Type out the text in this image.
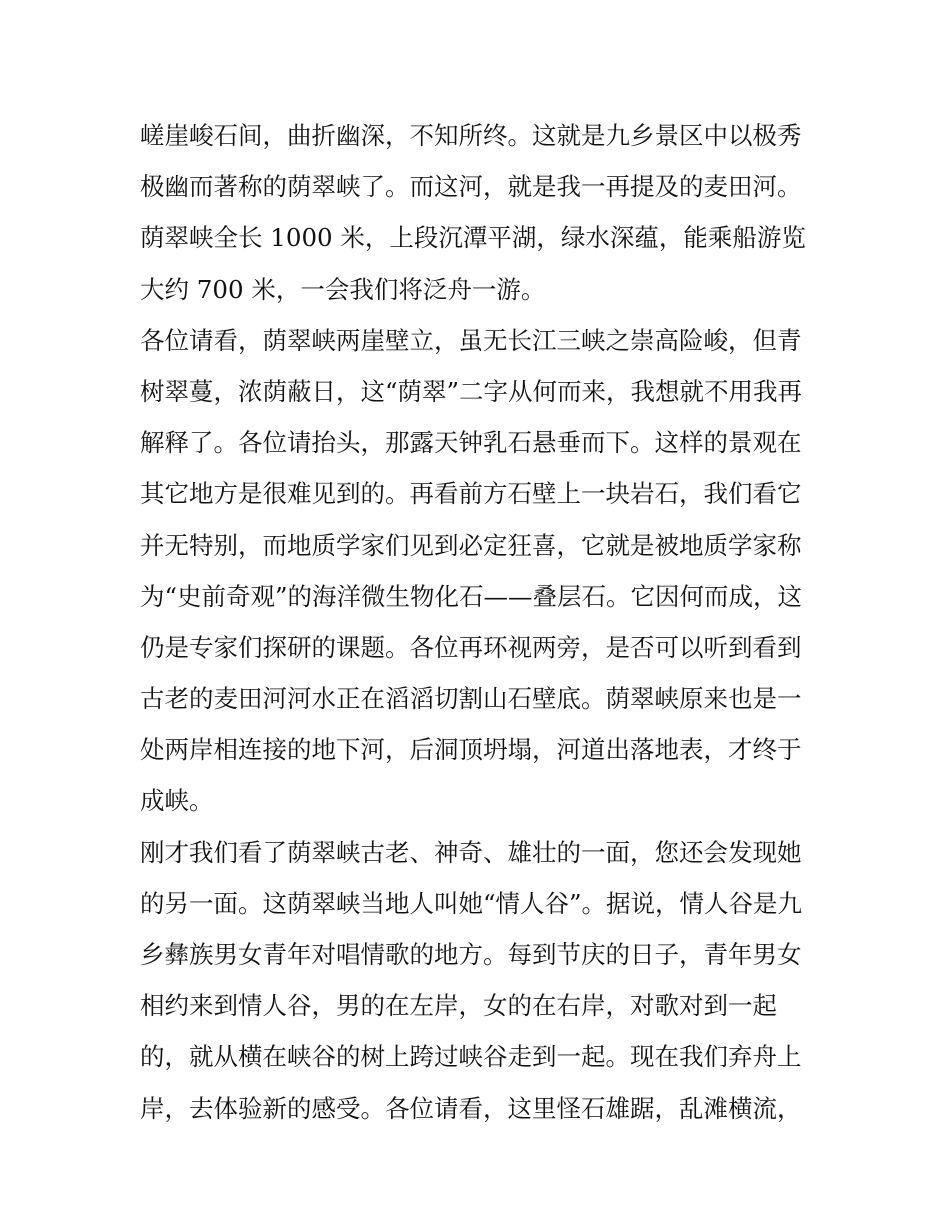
嵯崖峻石间，曲折幽深，不知所终。这就是九乡景区中以极秀
极幽而著称的荫翠峡了。而这河，就是我一再提及的麦田河。
荫翠峡全长 1000 米，上段沉潭平湖，绿水深蕴，能乘船游览
大约 700 米，一会我们将泛舟一游。
各位请看，荫翠峡两崖壁立，虽无长江三峡之崇高险峻，但青
树翠蔓，浓荫蔽日，这“荫翠”二字从何而来，我想就不用我再
解释了。各位请抬头，那露天钟乳石悬垂而下。这样的景观在
其它地方是很难见到的。再看前方石壁上一块岩石，我们看它
并无特别，而地质学家们见到必定狂喜，它就是被地质学家称
为“史前奇观”的海洋微生物化石——叠层石。它因何而成，这
仍是专家们探研的课题。各位再环视两旁，是否可以听到看到
古老的麦田河河水正在滔滔切割山石壁底。荫翠峡原来也是一
处两岸相连接的地下河，后洞顶坍塌，河道出落地表，才终于
成峡。
刚才我们看了荫翠峡古老、神奇、雄壮的一面，您还会发现她
的另一面。这荫翠峡当地人叫她“情人谷”。据说，情人谷是九
乡彝族男女青年对唱情歌的地方。每到节庆的日子，青年男女
相约来到情人谷，男的在左岸，女的在右岸，对歌对到一起
的，就从横在峡谷的树上跨过峡谷走到一起。现在我们弃舟上
岸，去体验新的感受。各位请看，这里怪石雄踞，乱滩横流，
